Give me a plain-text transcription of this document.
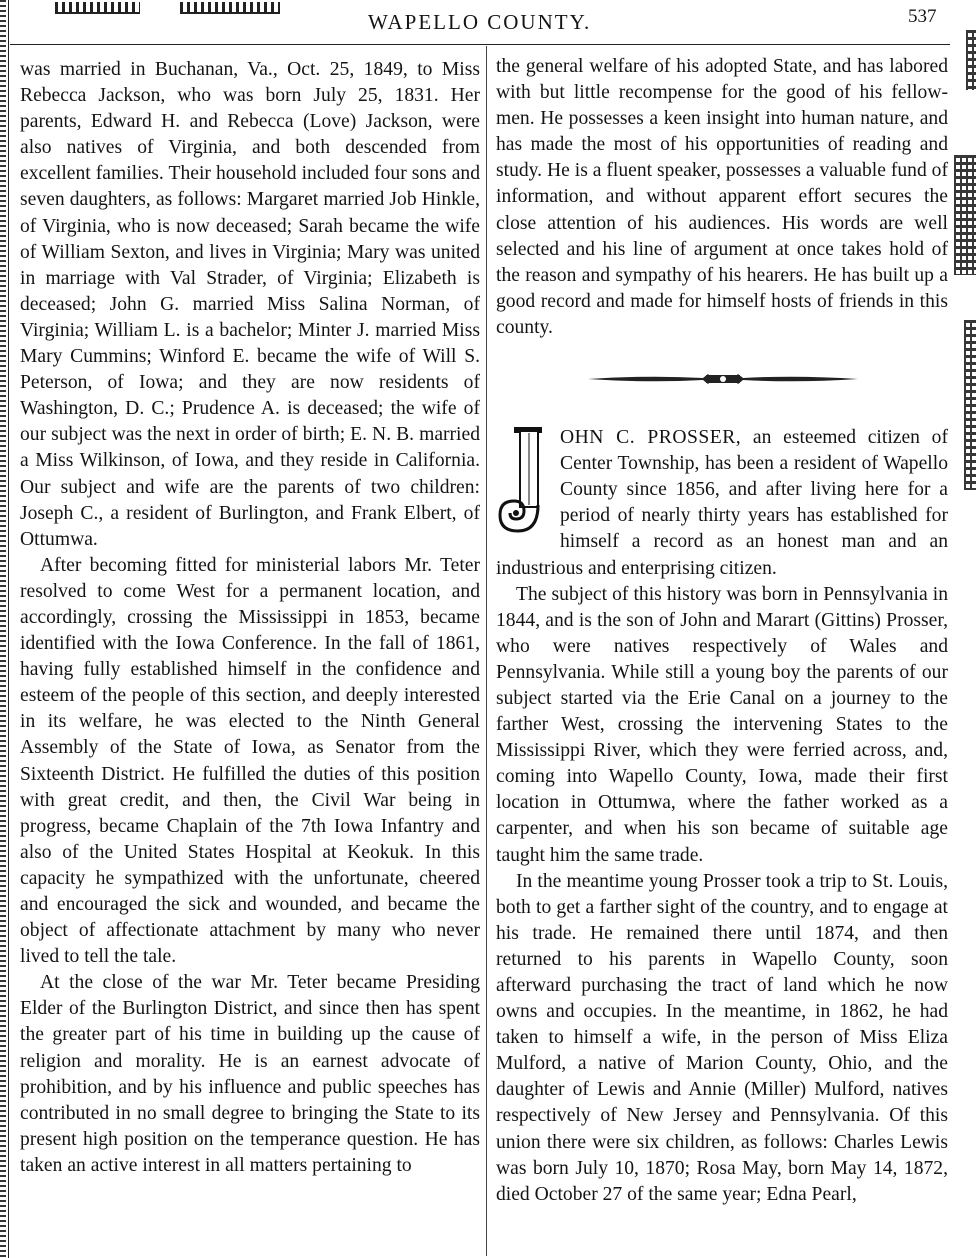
WAPELLO COUNTY.	537

was married in Buchanan, Va., Oct. 25, 1849, to Miss Rebecca Jackson, who was born July 25, 1831. Her parents, Edward H. and Rebecca (Love) Jackson, were also natives of Virginia, and both descended from excellent families. Their household included four sons and seven daughters, as follows: Margaret married Job Hinkle, of Virginia, who is now deceased; Sarah became the wife of William Sexton, and lives in Virginia; Mary was united in marriage with Val Strader, of Virginia; Elizabeth is deceased; John G. married Miss Salina Norman, of Virginia; William L. is a bachelor; Minter J. married Miss Mary Cummins; Winford E. became the wife of Will S. Peterson, of Iowa; and they are now residents of Washington, D. C.; Prudence A. is deceased; the wife of our subject was the next in order of birth; E. N. B. married a Miss Wilkinson, of Iowa, and they reside in California. Our subject and wife are the parents of two children: Joseph C., a resident of Burlington, and Frank Elbert, of Ottumwa.

After becoming fitted for ministerial labors Mr. Teter resolved to come West for a permanent location, and accordingly, crossing the Mississippi in 1853, became identified with the Iowa Conference. In the fall of 1861, having fully established himself in the confidence and esteem of the people of this section, and deeply interested in its welfare, he was elected to the Ninth General Assembly of the State of Iowa, as Senator from the Sixteenth District. He fulfilled the duties of this position with great credit, and then, the Civil War being in progress, became Chaplain of the 7th Iowa Infantry and also of the United States Hospital at Keokuk. In this capacity he sympathized with the unfortunate, cheered and encouraged the sick and wounded, and became the object of affectionate attachment by many who never lived to tell the tale.

At the close of the war Mr. Teter became Presiding Elder of the Burlington District, and since then has spent the greater part of his time in building up the cause of religion and morality. He is an earnest advocate of prohibition, and by his influence and public speeches has contributed in no small degree to bringing the State to its present high position on the temperance question. He has taken an active interest in all matters pertaining to

the general welfare of his adopted State, and has labored with but little recompense for the good of his fellow-men. He possesses a keen insight into human nature, and has made the most of his opportunities of reading and study. He is a fluent speaker, possesses a valuable fund of information, and without apparent effort secures the close attention of his audiences. His words are well selected and his line of argument at once takes hold of the reason and sympathy of his hearers. He has built up a good record and made for himself hosts of friends in this county.

OHN C. PROSSER, an esteemed citizen of Center Township, has been a resident of Wapello County since 1856, and after living here for a period of nearly thirty years has established for himself a record as an honest man and an industrious and enterprising citizen.

The subject of this history was born in Pennsylvania in 1844, and is the son of John and Marart (Gittins) Prosser, who were natives respectively of Wales and Pennsylvania. While still a young boy the parents of our subject started via the Erie Canal on a journey to the farther West, crossing the intervening States to the Mississippi River, which they were ferried across, and, coming into Wapello County, Iowa, made their first location in Ottumwa, where the father worked as a carpenter, and when his son became of suitable age taught him the same trade.

In the meantime young Prosser took a trip to St. Louis, both to get a farther sight of the country, and to engage at his trade. He remained there until 1874, and then returned to his parents in Wapello County, soon afterward purchasing the tract of land which he now owns and occupies. In the meantime, in 1862, he had taken to himself a wife, in the person of Miss Eliza Mulford, a native of Marion County, Ohio, and the daughter of Lewis and Annie (Miller) Mulford, natives respectively of New Jersey and Pennsylvania. Of this union there were six children, as follows: Charles Lewis was born July 10, 1870; Rosa May, born May 14, 1872, died October 27 of the same year; Edna Pearl,
